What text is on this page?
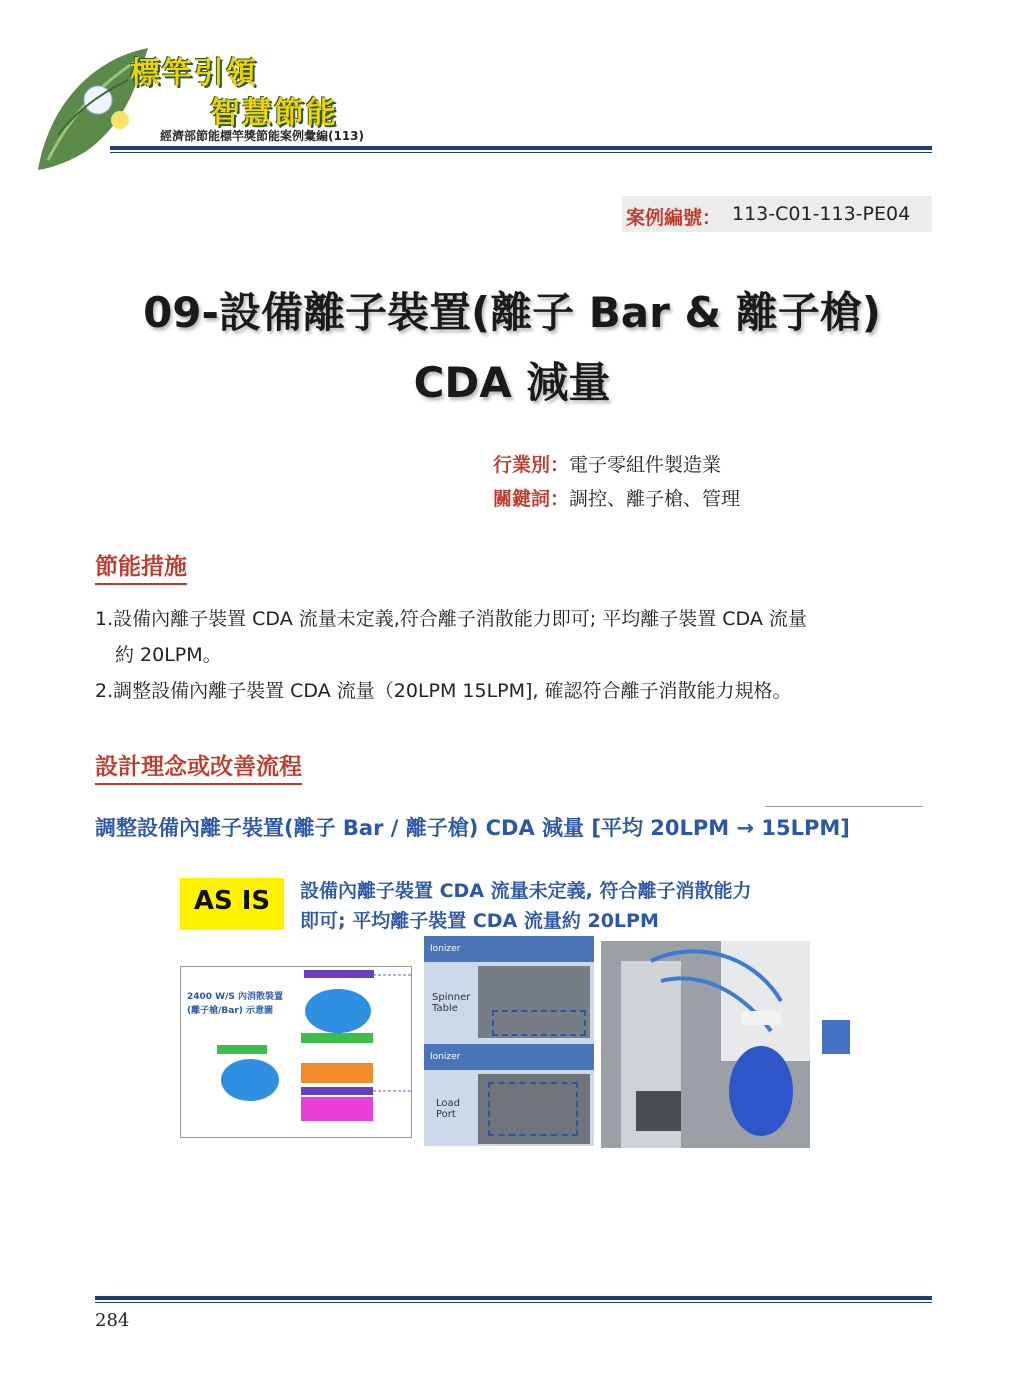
標竿引領
智慧節能
經濟部節能標竿獎節能案例彙編(113)
案例編號： 113-C01-113-PE04
09-設備離子裝置(離子 Bar & 離子槍)
CDA 減量
行業別：電子零組件製造業
關鍵詞：調控、離子槍、管理
節能措施
1.設備內離子裝置 CDA 流量未定義,符合離子消散能力即可; 平均離子裝置 CDA 流量
約 20LPM。
2.調整設備內離子裝置 CDA 流量（20LPM 15LPM], 確認符合離子消散能力規格。
設計理念或改善流程
調整設備內離子裝置(離子 Bar / 離子槍) CDA 減量 [平均 20LPM → 15LPM]
AS IS	設備內離子裝置 CDA 流量未定義, 符合離子消散能力
即可; 平均離子裝置 CDA 流量約 20LPM
2400 W/S 內消散裝置
(離子槍/Bar) 示意圖
Ionizer
Spinner Table
Ionizer
Load Port
284
